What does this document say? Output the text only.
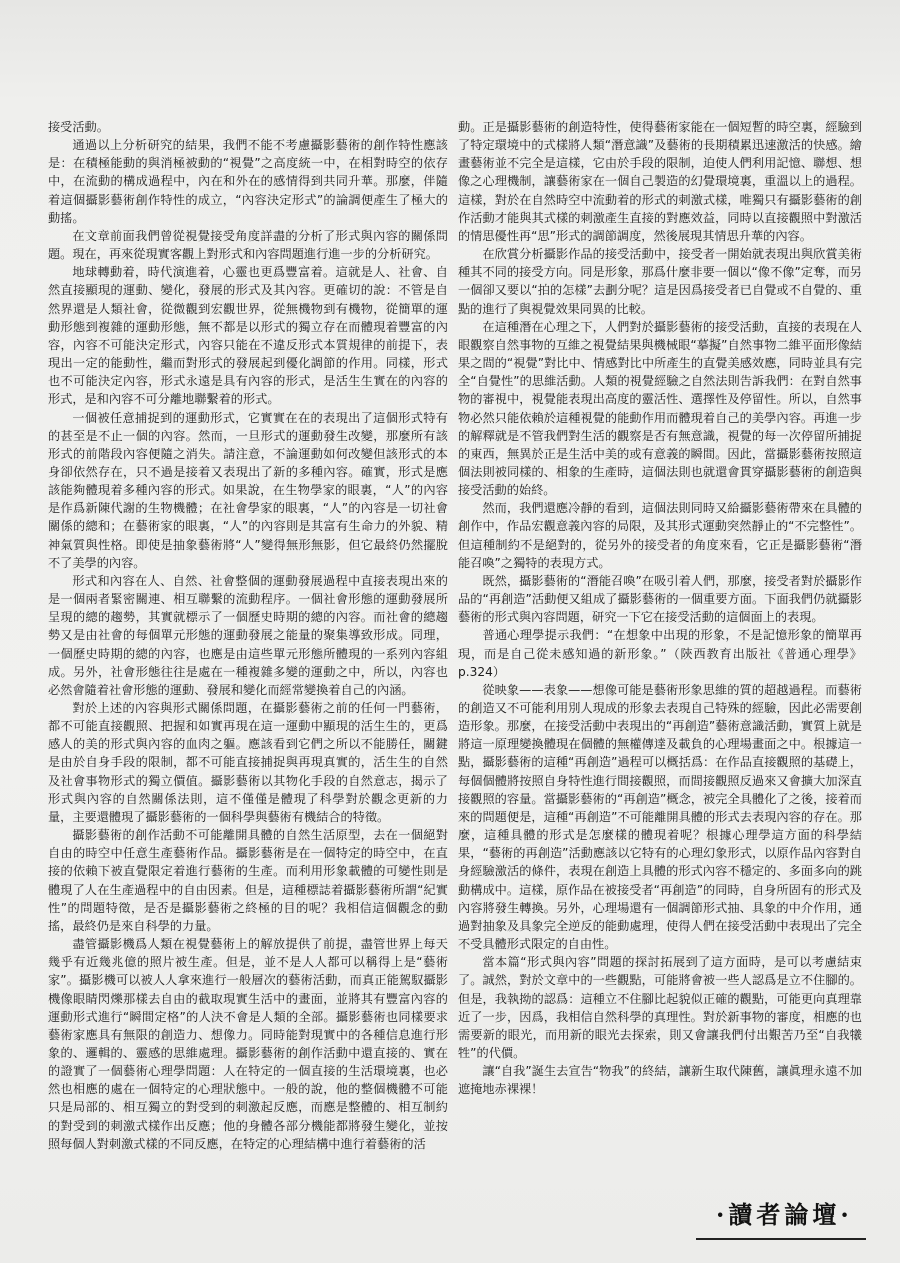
接受活動。

通過以上分析研究的結果，我們不能不考慮攝影藝術的創作特性應該是：在積極能動的與消極被動的“視覺”之高度統一中，在相對時空的依存中，在流動的構成過程中，內在和外在的感情得到共同升華。那麼，伴隨着這個攝影藝術創作特性的成立，“內容決定形式”的論調便產生了極大的動搖。

在文章前面我們曾從視覺接受角度詳盡的分析了形式與內容的關係問題。現在，再來從現實客觀上對形式和內容問題進行進一步的分析研究。

地球轉動着，時代演進着，心靈也更爲豐富着。這就是人、社會、自然直接顯現的運動、變化，發展的形式及其內容。更確切的說：不管是自然界還是人類社會，從微觀到宏觀世界，從無機物到有機物，從簡單的運動形態到複雜的運動形態，無不都是以形式的獨立存在而體現着豐富的內容，內容不可能決定形式，內容只能在不違反形式本質規律的前提下，表現出一定的能動性，繼而對形式的發展起到優化調節的作用。同樣，形式也不可能決定內容，形式永遠是具有內容的形式，是活生生實在的內容的形式，是和內容不可分離地聯繫着的形式。

一個被任意捕捉到的運動形式，它實實在在的表現出了這個形式特有的甚至是不止一個的內容。然而，一旦形式的運動發生改變，那麼所有該形式的前階段內容便隨之消失。請注意，不論運動如何改變但該形式的本身卻依然存在，只不過是接着又表現出了新的多種內容。確實，形式是應該能夠體現着多種內容的形式。如果說，在生物學家的眼裏，“人”的內容是作爲新陳代謝的生物機體；在社會學家的眼裏，“人”的內容是一切社會關係的總和；在藝術家的眼裏，“人”的內容則是其富有生命力的外貌、精神氣質與性格。即使是抽象藝術將“人”變得無形無影，但它最終仍然擺脫不了美學的內容。

形式和內容在人、自然、社會整個的運動發展過程中直接表現出來的是一個兩者緊密關連、相互聯繫的流動程序。一個社會形態的運動發展所呈現的總的趨勢，其實就標示了一個歷史時期的總的內容。而社會的總趨勢又是由社會的每個單元形態的運動發展之能量的聚集導致形成。同理，一個歷史時期的總的內容，也應是由這些單元形態所體現的一系列內容組成。另外，社會形態往往是處在一種複雜多變的運動之中，所以，內容也必然會隨着社會形態的運動、發展和變化而經常變換着自己的內涵。

對於上述的內容與形式關係問題，在攝影藝術之前的任何一門藝術，都不可能直接觀照、把握和如實再現在這一運動中顯現的活生生的，更爲感人的美的形式與內容的血肉之軀。應該看到它們之所以不能勝任，關鍵是由於自身手段的限制，都不可能直接捕捉與再現真實的，活生生的自然及社會事物形式的獨立價值。攝影藝術以其物化手段的自然意志，揭示了形式與內容的自然關係法則，這不僅僅是體現了科學對於觀念更新的力量，主要還體現了攝影藝術的一個科學與藝術有機結合的特徵。

攝影藝術的創作活動不可能離開具體的自然生活原型，去在一個絕對自由的時空中任意生產藝術作品。攝影藝術是在一個特定的時空中，在直接的依賴下被直覺限定着進行藝術的生產。而利用形象載體的可變性則是體現了人在生產過程中的自由因素。但是，這種標誌着攝影藝術所謂“紀實性”的問題特徵，是否是攝影藝術之終極的目的呢？我相信這個觀念的動搖，最終仍是來自科學的力量。

盡管攝影機爲人類在視覺藝術上的解放提供了前提，盡管世界上每天幾乎有近幾兆億的照片被生產。但是，並不是人人都可以稱得上是“藝術家”。攝影機可以被人人拿來進行一般層次的藝術活動，而真正能駕馭攝影機像眼睛閃爍那樣去自由的截取現實生活中的畫面，並將其有豐富內容的運動形式進行“瞬間定格”的人決不會是人類的全部。攝影藝術也同樣要求藝術家應具有無限的創造力、想像力。同時能對現實中的各種信息進行形象的、邏輯的、靈感的思維處理。攝影藝術的創作活動中還直接的、實在的證實了一個藝術心理學問題：人在特定的一個直接的生活環境裏，也必然也相應的處在一個特定的心理狀態中。一般的說，他的整個機體不可能只是局部的、相互獨立的對受到的刺激起反應，而應是整體的、相互制約的對受到的刺激式樣作出反應；他的身體各部分機能都將發生變化，並按照每個人對刺激式樣的不同反應，在特定的心理結構中進行着藝術的活

動。正是攝影藝術的創造特性，使得藝術家能在一個短暫的時空裏，經驗到了特定環境中的式樣將人類“潛意識”及藝術的長期積累迅速激活的快感。繪畫藝術並不完全是這樣，它由於手段的限制，迫使人們利用記憶、聯想、想像之心理機制，讓藝術家在一個自己製造的幻覺環境裏，重溫以上的過程。這樣，對於在自然時空中流動着的形式的刺激式樣，唯獨只有攝影藝術的創作活動才能與其式樣的刺激產生直接的對應效益，同時以直接觀照中對激活的情思優性再“思”形式的調節調度，然後展現其情思升華的內容。

在欣賞分析攝影作品的接受活動中，接受者一開始就表現出與欣賞美術種其不同的接受方向。同是形象，那爲什麼非要一個以“像不像”定奪，而另一個卻又要以“拍的怎樣”去劃分呢？這是因爲接受者已自覺或不自覺的、重點的進行了與視覺效果同異的比較。

在這種潛在心理之下，人們對於攝影藝術的接受活動，直接的表現在人眼觀察自然事物的互維之視覺結果與機械眼“摹擬”自然事物二維平面形像結果之間的“視覺”對比中、情感對比中所產生的直覺美感效應，同時並具有完全“自覺性”的思維活動。人類的視覺經驗之自然法則告訴我們：在對自然事物的審視中，視覺能表現出高度的靈活性、選擇性及停留性。所以，自然事物必然只能依賴於這種視覺的能動作用而體現着自己的美學內容。再進一步的解釋就是不管我們對生活的觀察是否有無意識，視覺的每一次停留所捕捉的東西，無異於正是生活中美的或有意義的瞬間。因此，當攝影藝術按照這個法則被同樣的、相象的生產時，這個法則也就還會貫穿攝影藝術的創造與接受活動的始終。

然而，我們還應冷靜的看到，這個法則同時又給攝影藝術帶來在具體的創作中，作品宏觀意義內容的局限，及其形式運動突然靜止的“不完整性”。但這種制約不是絕對的，從另外的接受者的角度來看，它正是攝影藝術“潛能召喚”之獨特的表現方式。

既然，攝影藝術的“潛能召喚”在吸引着人們，那麼，接受者對於攝影作品的“再創造”活動便又組成了攝影藝術的一個重要方面。下面我們仍就攝影藝術的形式與內容問題，研究一下它在接受活動的這個面上的表現。

普通心理學提示我們：“在想象中出現的形象，不是記憶形象的簡單再現，而是自己從未感知過的新形象。”（陝西教育出版社《普通心理學》p.324）

從映象——表象——想像可能是藝術形象思維的質的超越過程。而藝術的創造又不可能利用別人現成的形象去表現自己特殊的經驗，因此必需要創造形象。那麼，在接受活動中表現出的“再創造”藝術意識活動，實質上就是將這一原理變換體現在個體的無權傳達及載負的心理場畫面之中。根據這一點，攝影藝術的這種“再創造”過程可以概括爲：在作品直接觀照的基礎上，每個個體將按照自身特性進行間接觀照，而間接觀照反過來又會擴大加深直接觀照的容量。當攝影藝術的“再創造”概念，被完全具體化了之後，接着而來的問題便是，這種“再創造”不可能離開具體的形式去表現內容的存在。那麼，這種具體的形式是怎麼樣的體現着呢？根據心理學這方面的科學結果，“藝術的再創造”活動應該以它特有的心理幻象形式，以原作品內容對自身經驗激活的條件，表現在創造上具體的形式內容不穩定的、多面多向的跳動構成中。這樣，原作品在被接受者“再創造”的同時，自身所固有的形式及內容將發生轉換。另外，心理場還有一個調節形式抽、具象的中介作用，通過對抽象及具象完全逆反的能動處理，使得人們在接受活動中表現出了完全不受具體形式限定的自由性。

當本篇“形式與內容”問題的探討拓展到了這方面時，是可以考慮結束了。誠然，對於文章中的一些觀點，可能將會被一些人認爲是立不住腳的。但是，我執拗的認爲：這種立不住腳比起貌似正確的觀點，可能更向真理靠近了一步，因爲，我相信自然科學的真理性。對於新事物的審度，相應的也需要新的眼光，而用新的眼光去探索，則又會讓我們付出艱苦乃至“自我犧牲”的代價。

讓“自我”誕生去宣告“物我”的終結，讓新生取代陳舊，讓眞理永遠不加遮掩地赤裸裸！

·讀者論壇·
